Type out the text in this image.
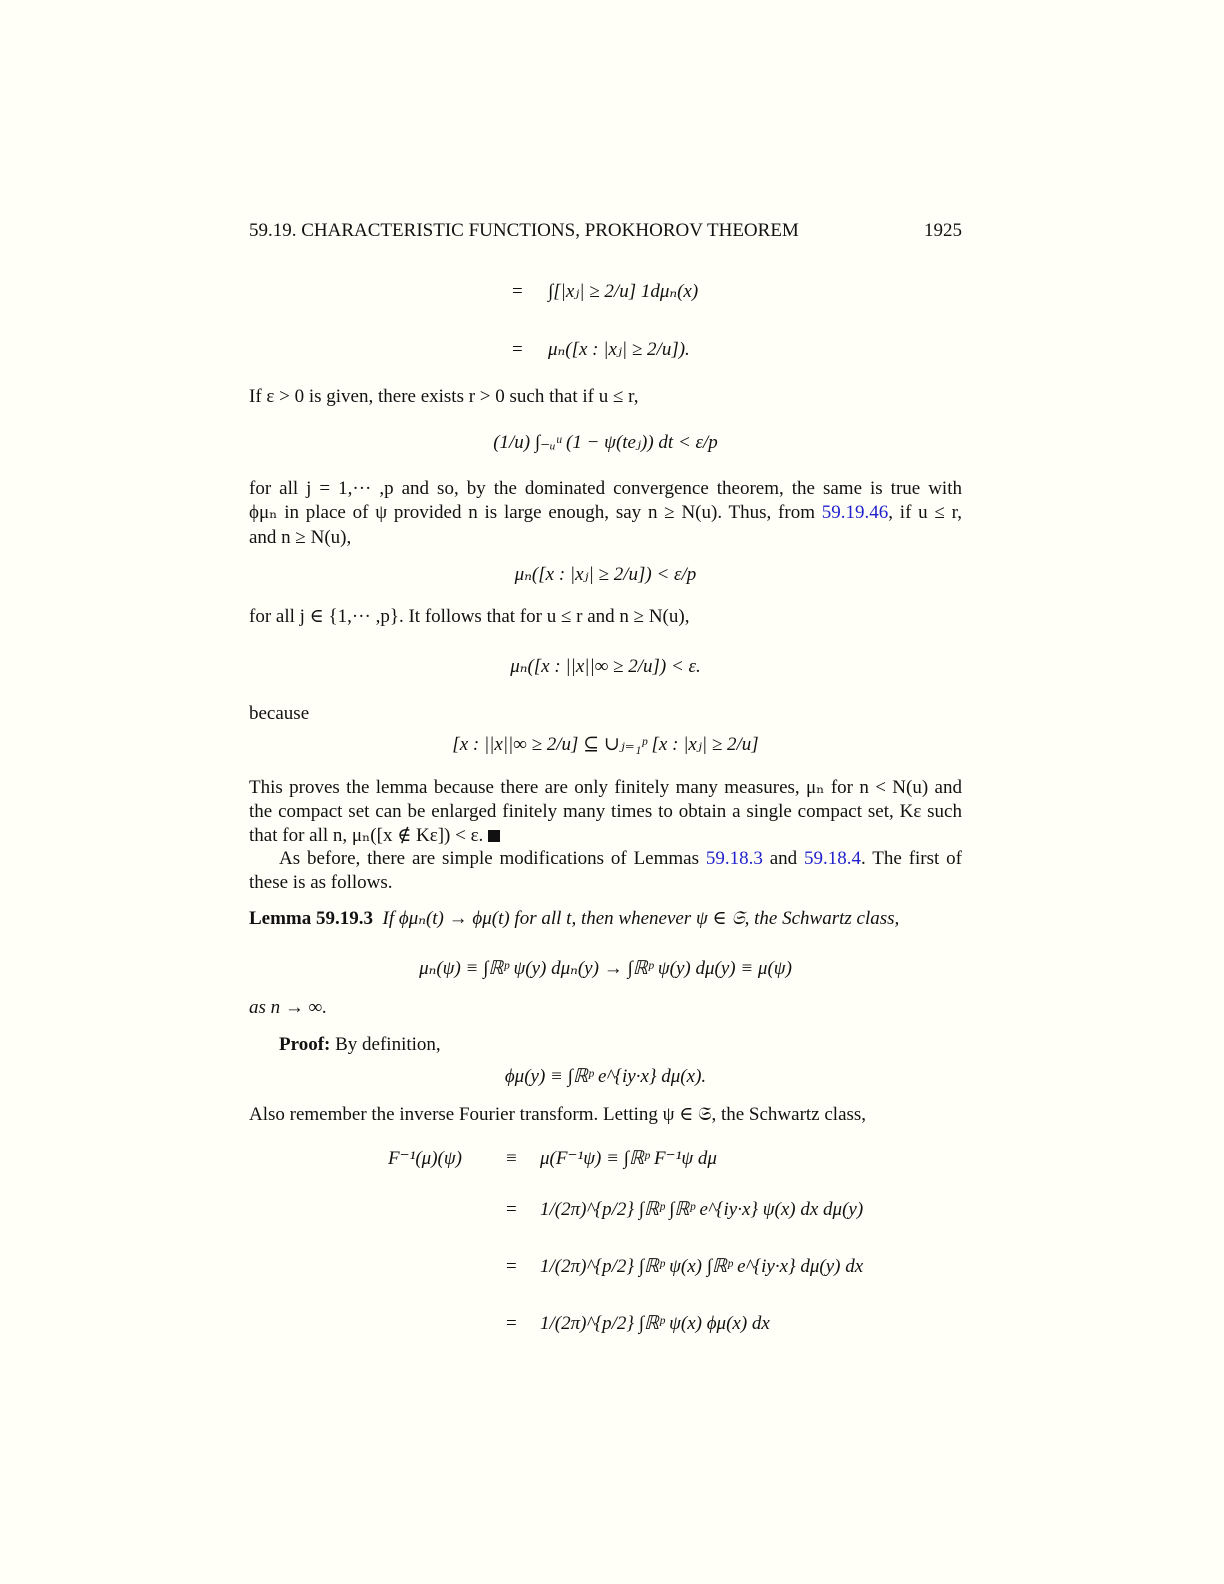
59.19. CHARACTERISTIC FUNCTIONS, PROKHOROV THEOREM	1925
= ∫[|xⱼ| ≥ 2/u] 1dμₙ(x)
= μₙ([x : |xⱼ| ≥ 2/u]).
If ε > 0 is given, there exists r > 0 such that if u ≤ r,
(1/u) ∫₋ᵤᵘ (1 − ψ(teⱼ)) dt < ε/p
for all j = 1,··· ,p and so, by the dominated convergence theorem, the same is true with
ϕμₙ in place of ψ provided n is large enough, say n ≥ N(u). Thus, from 59.19.46, if u ≤ r,
and n ≥ N(u),
μₙ([x : |xⱼ| ≥ 2/u]) < ε/p
for all j ∈ {1,··· ,p}. It follows that for u ≤ r and n ≥ N(u),
μₙ([x : ||x||∞ ≥ 2/u]) < ε.
because
[x : ||x||∞ ≥ 2/u] ⊆ ∪ⱼ₌₁ᵖ [x : |xⱼ| ≥ 2/u]
This proves the lemma because there are only finitely many measures, μₙ for n < N(u) and
the compact set can be enlarged finitely many times to obtain a single compact set, Kε such
that for all n, μₙ([x ∉ Kε]) < ε.
As before, there are simple modifications of Lemmas 59.18.3 and 59.18.4. The first of
these is as follows.
Lemma 59.19.3 If ϕμₙ(t) → ϕμ(t) for all t, then whenever ψ ∈ 𝔖, the Schwartz class,
μₙ(ψ) ≡ ∫ℝᵖ ψ(y) dμₙ(y) → ∫ℝᵖ ψ(y) dμ(y) ≡ μ(ψ)
as n → ∞.
Proof: By definition,
ϕμ(y) ≡ ∫ℝᵖ e^{iy·x} dμ(x).
Also remember the inverse Fourier transform. Letting ψ ∈ 𝔖, the Schwartz class,
F⁻¹(μ)(ψ) ≡ μ(F⁻¹ψ) ≡ ∫ℝᵖ F⁻¹ψ dμ
= 1/(2π)^{p/2} ∫ℝᵖ ∫ℝᵖ e^{iy·x} ψ(x) dx dμ(y)
= 1/(2π)^{p/2} ∫ℝᵖ ψ(x) ∫ℝᵖ e^{iy·x} dμ(y) dx
= 1/(2π)^{p/2} ∫ℝᵖ ψ(x) ϕμ(x) dx
